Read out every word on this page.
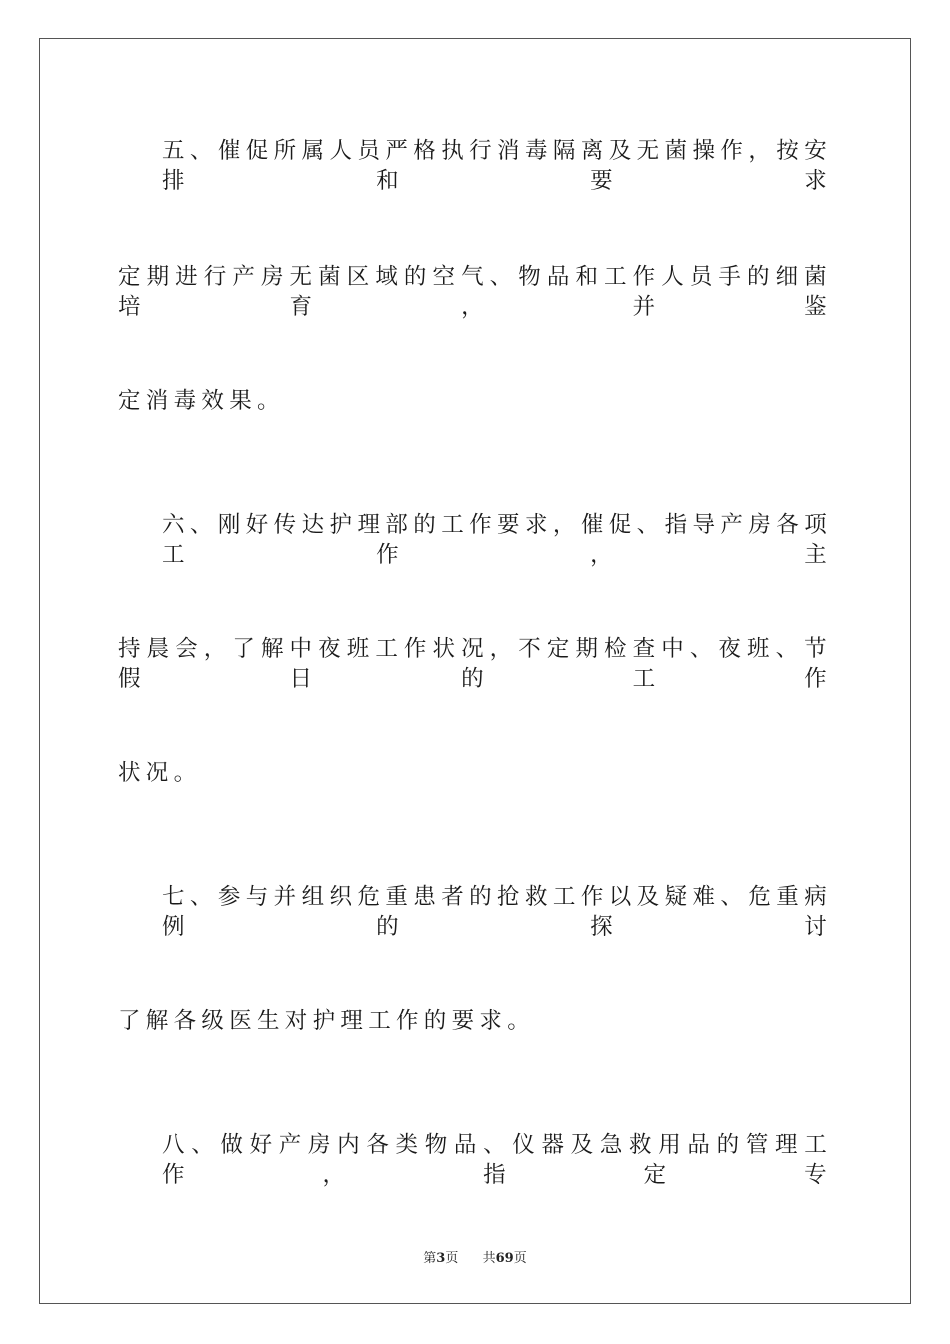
五、催促所属人员严格执行消毒隔离及无菌操作，按安排和要求
定期进行产房无菌区域的空气、物品和工作人员手的细菌培育，并鉴
定消毒效果。
六、刚好传达护理部的工作要求，催促、指导产房各项工作，主
持晨会，了解中夜班工作状况，不定期检查中、夜班、节假日的工作
状况。
七、参与并组织危重患者的抢救工作以及疑难、危重病例的探讨
了解各级医生对护理工作的要求。
八、做好产房内各类物品、仪器及急救用品的管理工作，指定专
第3页 共69页
